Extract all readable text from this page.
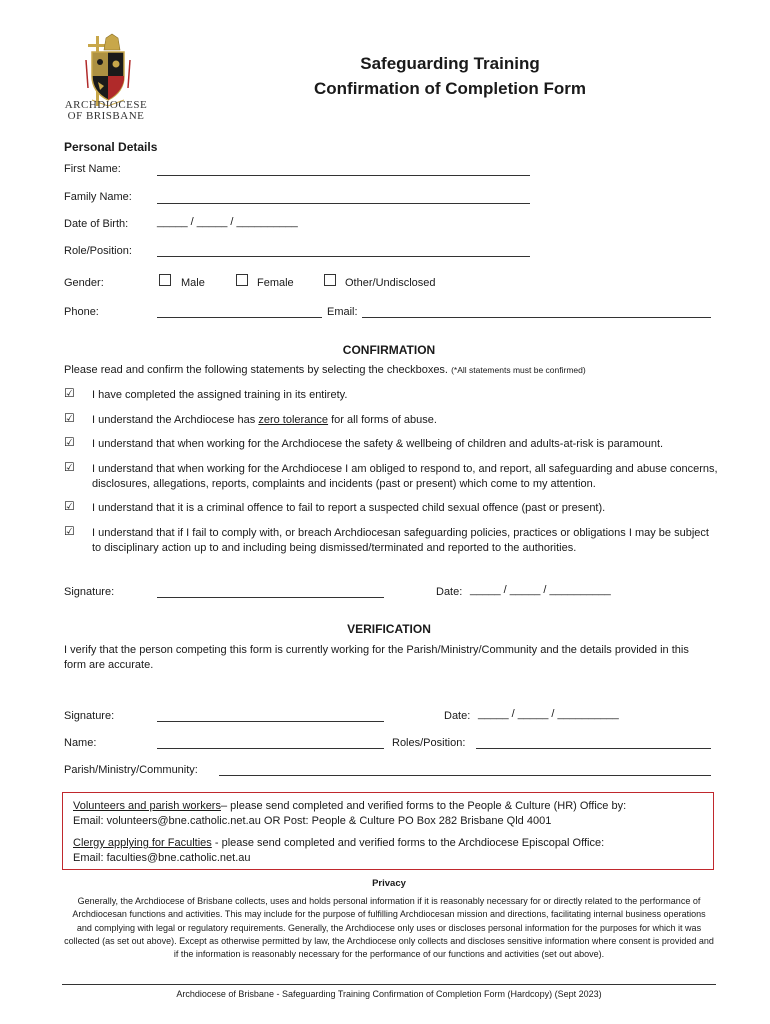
ARCHDIOCESE
OF BRISBANE
Safeguarding Training
Confirmation of Completion Form
Personal Details
First Name:
Family Name:
Date of Birth:	_____ / _____ / __________
Role/Position:
Gender:	Male	Female	Other/Undisclosed
Phone:	Email:
CONFIRMATION
Please read and confirm the following statements by selecting the checkboxes. (*All statements must be confirmed)
☑ I have completed the assigned training in its entirety.
☑ I understand the Archdiocese has zero tolerance for all forms of abuse.
☑ I understand that when working for the Archdiocese the safety & wellbeing of children and adults-at-risk is paramount.
☑ I understand that when working for the Archdiocese I am obliged to respond to, and report, all safeguarding and abuse concerns, disclosures, allegations, reports, complaints and incidents (past or present) which come to my attention.
☑ I understand that it is a criminal offence to fail to report a suspected child sexual offence (past or present).
☑ I understand that if I fail to comply with, or breach Archdiocesan safeguarding policies, practices or obligations I may be subject to disciplinary action up to and including being dismissed/terminated and reported to the authorities.
Signature:	Date: _____ / _____ / __________
VERIFICATION
I verify that the person competing this form is currently working for the Parish/Ministry/Community and the details provided in this form are accurate.
Signature:	Date: _____ / _____ / __________
Name:	Roles/Position:
Parish/Ministry/Community:
Volunteers and parish workers– please send completed and verified forms to the People & Culture (HR) Office by:
Email: volunteers@bne.catholic.net.au OR Post: People & Culture PO Box 282 Brisbane Qld 4001
Clergy applying for Faculties - please send completed and verified forms to the Archdiocese Episcopal Office:
Email: faculties@bne.catholic.net.au
Privacy
Generally, the Archdiocese of Brisbane collects, uses and holds personal information if it is reasonably necessary for or directly related to the performance of Archdiocesan functions and activities. This may include for the purpose of fulfilling Archdiocesan mission and directions, facilitating internal business operations and complying with legal or regulatory requirements. Generally, the Archdiocese only uses or discloses personal information for the purposes for which it was collected (as set out above). Except as otherwise permitted by law, the Archdiocese only collects and discloses sensitive information where consent is provided and if the information is reasonably necessary for the performance of our functions and activities (set out above).
Archdiocese of Brisbane - Safeguarding Training Confirmation of Completion Form (Hardcopy) (Sept 2023)
